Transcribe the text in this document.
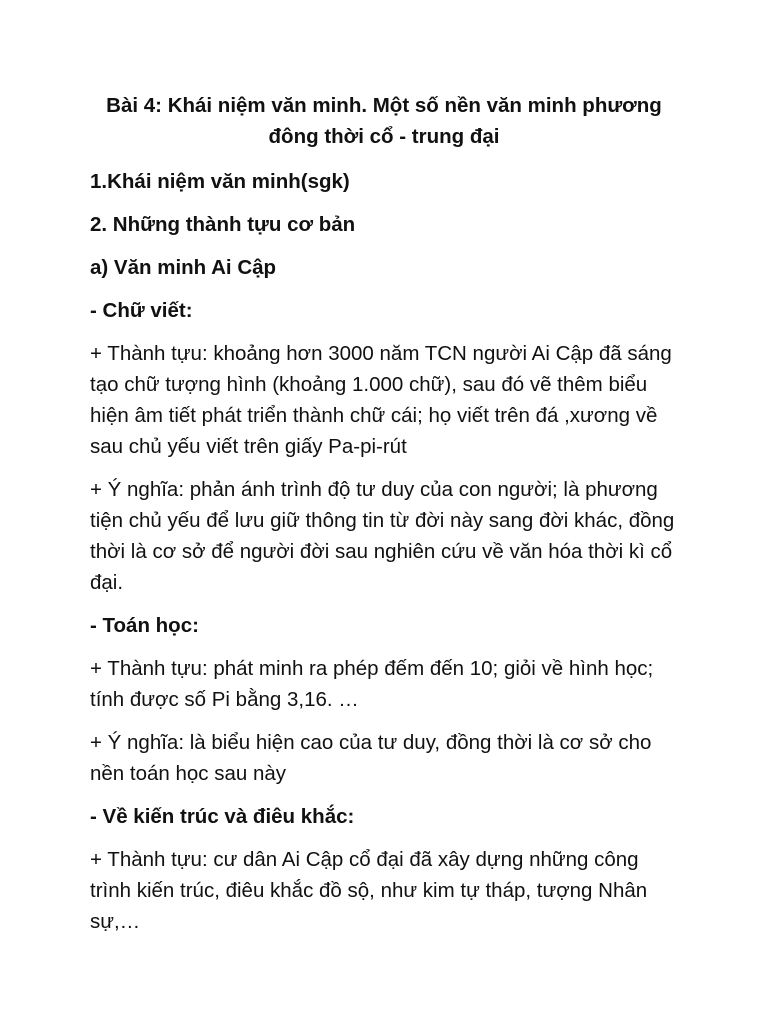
Bài 4: Khái niệm văn minh. Một số nền văn minh phương
đông thời cổ - trung đại
1.Khái niệm văn minh(sgk)
2. Những thành tựu cơ bản
a) Văn minh Ai Cập
- Chữ viết:
+ Thành tựu: khoảng hơn 3000 năm TCN người Ai Cập đã sáng tạo chữ tượng hình (khoảng 1.000 chữ), sau đó vẽ thêm biểu hiện âm tiết phát triển thành chữ cái; họ viết trên đá ,xương về sau chủ yếu viết trên giấy Pa-pi-rút
+ Ý nghĩa: phản ánh trình độ tư duy của con người; là phương tiện chủ yếu để lưu giữ thông tin từ đời này sang đời khác, đồng thời là cơ sở để người đời sau nghiên cứu về văn hóa thời kì cổ đại.
- Toán học:
+ Thành tựu: phát minh ra phép đếm đến 10; giỏi về hình học; tính được số Pi bằng 3,16. …
+ Ý nghĩa: là biểu hiện cao của tư duy, đồng thời là cơ sở cho nền toán học sau này
- Về kiến trúc và điêu khắc:
+ Thành tựu: cư dân Ai Cập cổ đại đã xây dựng những công trình kiến trúc, điêu khắc đồ sộ, như kim tự tháp, tượng Nhân sự,…
